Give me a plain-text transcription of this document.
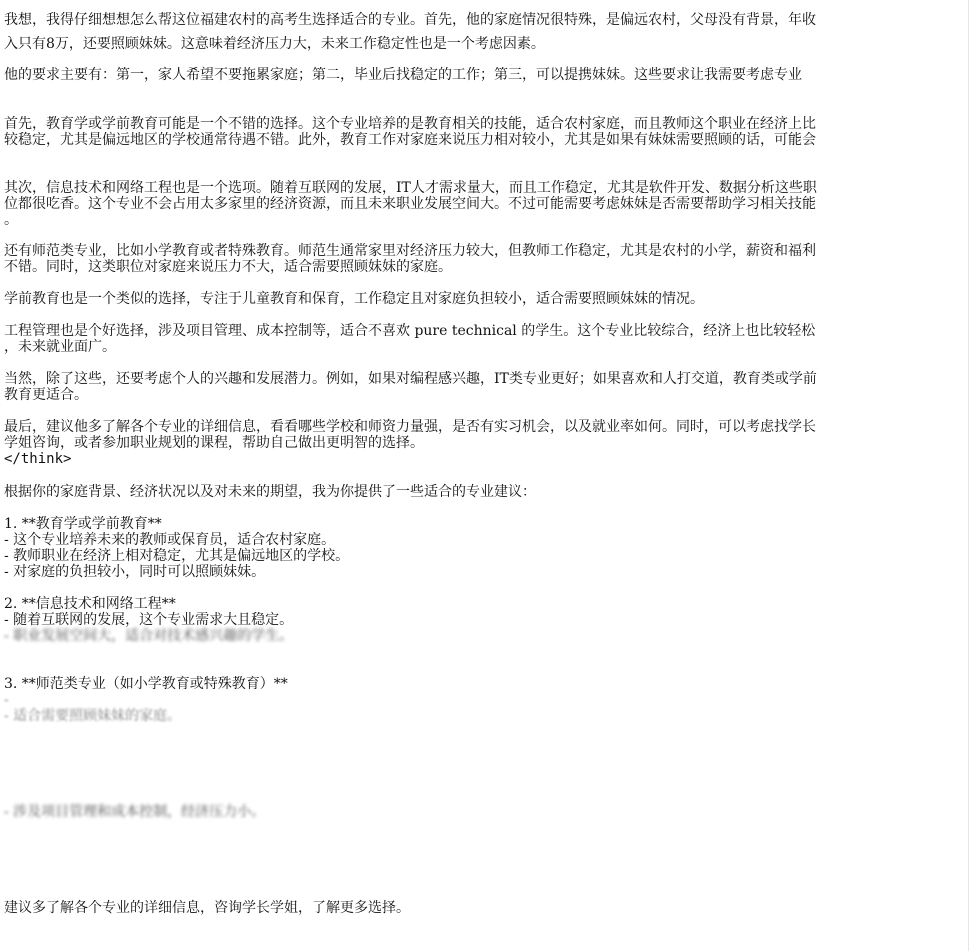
我想，我得仔细想想怎么帮这位福建农村的高考生选择适合的专业。首先，他的家庭情况很特殊，是偏远农村，父母没有背景，年收
入只有8万，还要照顾妹妹。这意味着经济压力大，未来工作稳定性也是一个考虑因素。
他的要求主要有：第一，家人希望不要拖累家庭；第二，毕业后找稳定的工作；第三，可以提携妹妹。这些要求让我需要考虑专业
首先，教育学或学前教育可能是一个不错的选择。这个专业培养的是教育相关的技能，适合农村家庭，而且教师这个职业在经济上比
较稳定，尤其是偏远地区的学校通常待遇不错。此外，教育工作对家庭来说压力相对较小，尤其是如果有妹妹需要照顾的话，可能会
其次，信息技术和网络工程也是一个选项。随着互联网的发展，IT人才需求量大，而且工作稳定，尤其是软件开发、数据分析这些职
位都很吃香。这个专业不会占用太多家里的经济资源，而且未来职业发展空间大。不过可能需要考虑妹妹是否需要帮助学习相关技能
。
还有师范类专业，比如小学教育或者特殊教育。师范生通常家里对经济压力较大，但教师工作稳定，尤其是农村的小学，薪资和福利
不错。同时，这类职位对家庭来说压力不大，适合需要照顾妹妹的家庭。
学前教育也是一个类似的选择，专注于儿童教育和保育，工作稳定且对家庭负担较小，适合需要照顾妹妹的情况。
工程管理也是个好选择，涉及项目管理、成本控制等，适合不喜欢 pure technical 的学生。这个专业比较综合，经济上也比较轻松
，未来就业面广。
当然，除了这些，还要考虑个人的兴趣和发展潜力。例如，如果对编程感兴趣，IT类专业更好；如果喜欢和人打交道，教育类或学前
教育更适合。
最后，建议他多了解各个专业的详细信息，看看哪些学校和师资力量强，是否有实习机会，以及就业率如何。同时，可以考虑找学长
学姐咨询，或者参加职业规划的课程，帮助自己做出更明智的选择。
</think>
根据你的家庭背景、经济状况以及对未来的期望，我为你提供了一些适合的专业建议：
1. **教育学或学前教育**
- 这个专业培养未来的教师或保育员，适合农村家庭。
- 教师职业在经济上相对稳定，尤其是偏远地区的学校。
- 对家庭的负担较小，同时可以照顾妹妹。
2. **信息技术和网络工程**
- 随着互联网的发展，这个专业需求大且稳定。
- 职业发展空间大，适合对技术感兴趣的学生。
3. **师范类专业（如小学教育或特殊教育）**
-
- 适合需要照顾妹妹的家庭。
- 涉及项目管理和成本控制，经济压力小。
建议多了解各个专业的详细信息，咨询学长学姐，了解更多选择。
